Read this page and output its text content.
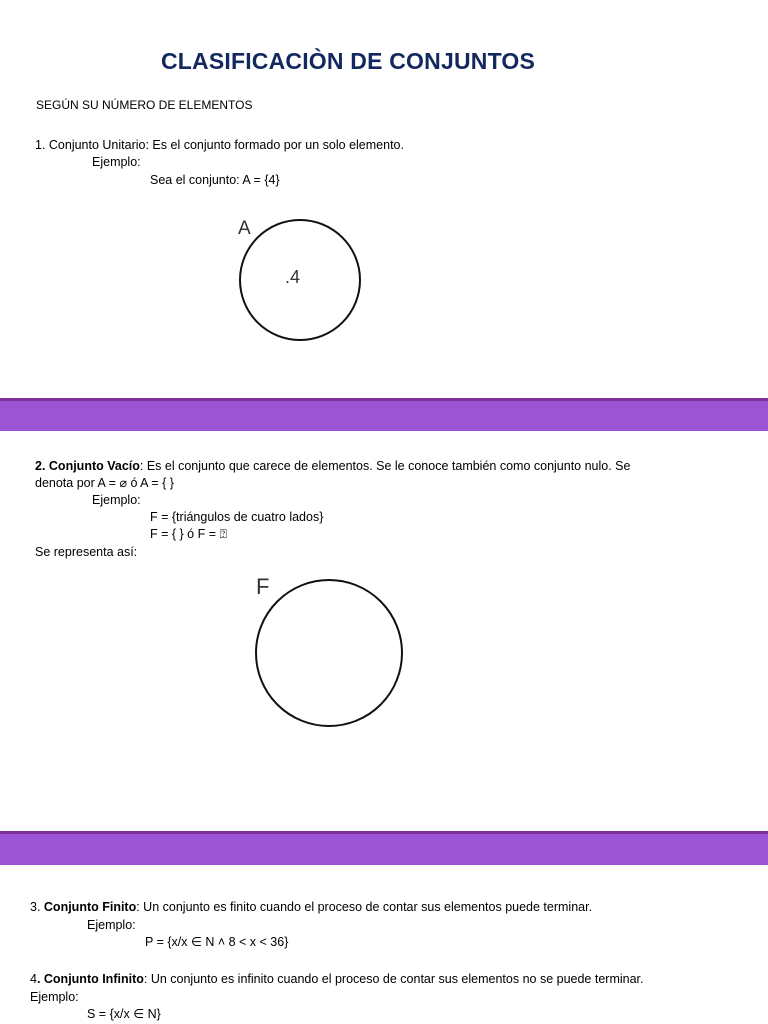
CLASIFICACIÒN DE CONJUNTOS
SEGÚN SU NÚMERO DE ELEMENTOS
1. Conjunto Unitario: Es el conjunto formado por un solo elemento.
Ejemplo:
Sea el conjunto: A = {4}
A
.4
2. Conjunto Vacío: Es el conjunto que carece de elementos. Se le conoce también como conjunto nulo. Se
denota por A = ⌀ ó A = { }
Ejemplo:
F = {triángulos de cuatro lados}
F = { } ó F = ⍰
Se representa así:
F
3. Conjunto Finito: Un conjunto es finito cuando el proceso de contar sus elementos puede terminar.
Ejemplo:
P = {x/x ∈ N ˄ 8 < x < 36}
4. Conjunto Infinito: Un conjunto es infinito cuando el proceso de contar sus elementos no se puede terminar.
Ejemplo:
S = {x/x ∈ N}
